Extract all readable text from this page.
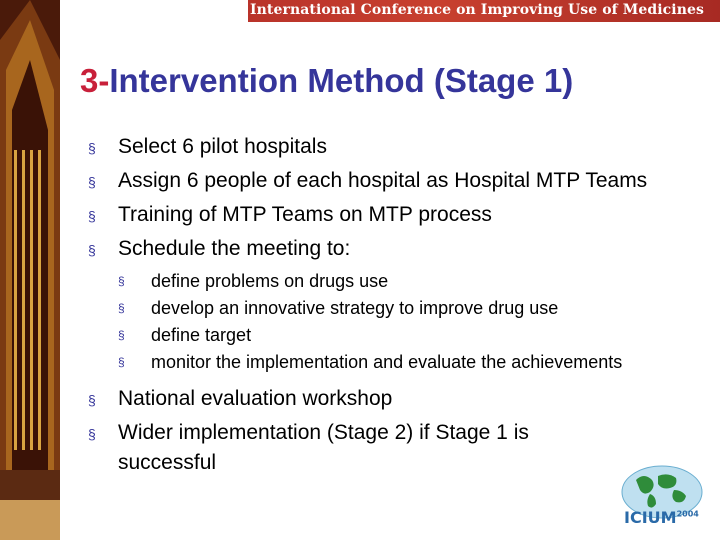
Second International Conference on Improving Use of Medicines
3-Intervention Method (Stage 1)
§ Select 6 pilot hospitals
§ Assign 6 people of each hospital as Hospital MTP Teams
§ Training of MTP Teams on MTP process
§ Schedule the meeting to:
§ define problems on drugs use
§ develop an innovative strategy to improve drug use
§ define target
§ monitor the implementation and evaluate the achievements
§ National evaluation workshop
§ Wider implementation (Stage 2) if Stage 1 is successful
$ICIUM^{2004}$
